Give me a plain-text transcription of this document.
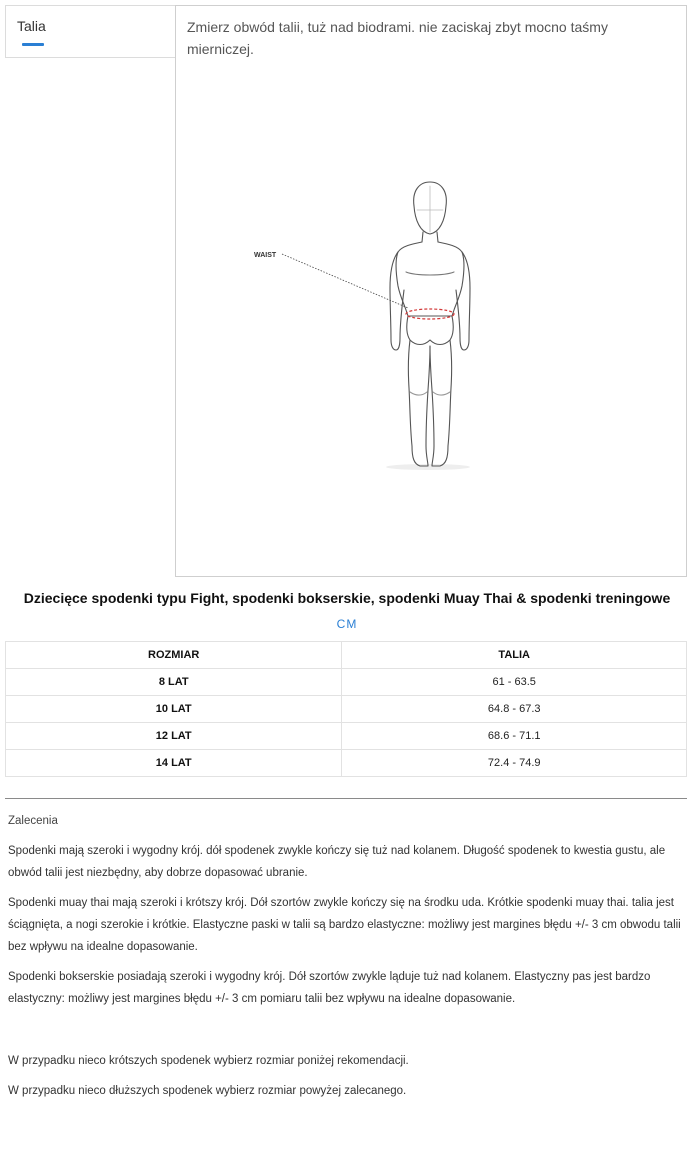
Talia	Zmierz obwód talii, tuż nad biodrami. nie zaciskaj zbyt mocno taśmy mierniczej.
WAIST
Dziecięce spodenki typu Fight, spodenki bokserskie, spodenki Muay Thai & spodenki treningowe
CM
ROZMIAR	TALIA
8 LAT	61 - 63.5
10 LAT	64.8 - 67.3
12 LAT	68.6 - 71.1
14 LAT	72.4 - 74.9

Zalecenia

Spodenki mają szeroki i wygodny krój. dół spodenek zwykle kończy się tuż nad kolanem. Długość spodenek to kwestia gustu, ale obwód talii jest niezbędny, aby dobrze dopasować ubranie.

Spodenki muay thai mają szeroki i krótszy krój. Dół szortów zwykle kończy się na środku uda. Krótkie spodenki muay thai. talia jest ściągnięta, a nogi szerokie i krótkie. Elastyczne paski w talii są bardzo elastyczne: możliwy jest margines błędu +/- 3 cm obwodu talii bez wpływu na idealne dopasowanie.

Spodenki bokserskie posiadają szeroki i wygodny krój. Dół szortów zwykle ląduje tuż nad kolanem. Elastyczny pas jest bardzo elastyczny: możliwy jest margines błędu +/- 3 cm pomiaru talii bez wpływu na idealne dopasowanie.

W przypadku nieco krótszych spodenek wybierz rozmiar poniżej rekomendacji.

W przypadku nieco dłuższych spodenek wybierz rozmiar powyżej zalecanego.
